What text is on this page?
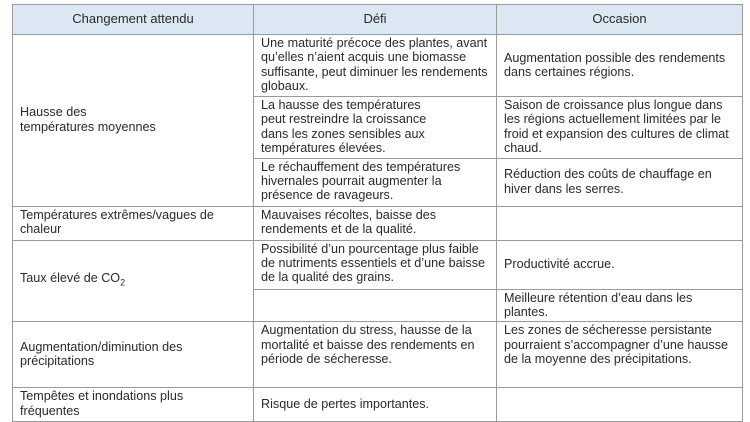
Changement attendu	Défi	Occasion
Hausse des températures moyennes	Une maturité précoce des plantes, avant qu’elles n’aient acquis une biomasse suffisante, peut diminuer les rendements globaux.	Augmentation possible des rendements dans certaines régions.
	La hausse des températures peut restreindre la croissance dans les zones sensibles aux températures élevées.	Saison de croissance plus longue dans les régions actuellement limitées par le froid et expansion des cultures de climat chaud.
	Le réchauffement des températures hivernales pourrait augmenter la présence de ravageurs.	Réduction des coûts de chauffage en hiver dans les serres.
Températures extrêmes/vagues de chaleur	Mauvaises récoltes, baisse des rendements et de la qualité.	
Taux élevé de $CO_2$	Possibilité d’un pourcentage plus faible de nutriments essentiels et d’une baisse de la qualité des grains.	Productivité accrue.
		Meilleure rétention d’eau dans les plantes.
Augmentation/diminution des précipitations	Augmentation du stress, hausse de la mortalité et baisse des rendements en période de sécheresse.	Les zones de sécheresse persistante pourraient s’accompagner d’une hausse de la moyenne des précipitations.
Tempêtes et inondations plus fréquentes	Risque de pertes importantes.	
